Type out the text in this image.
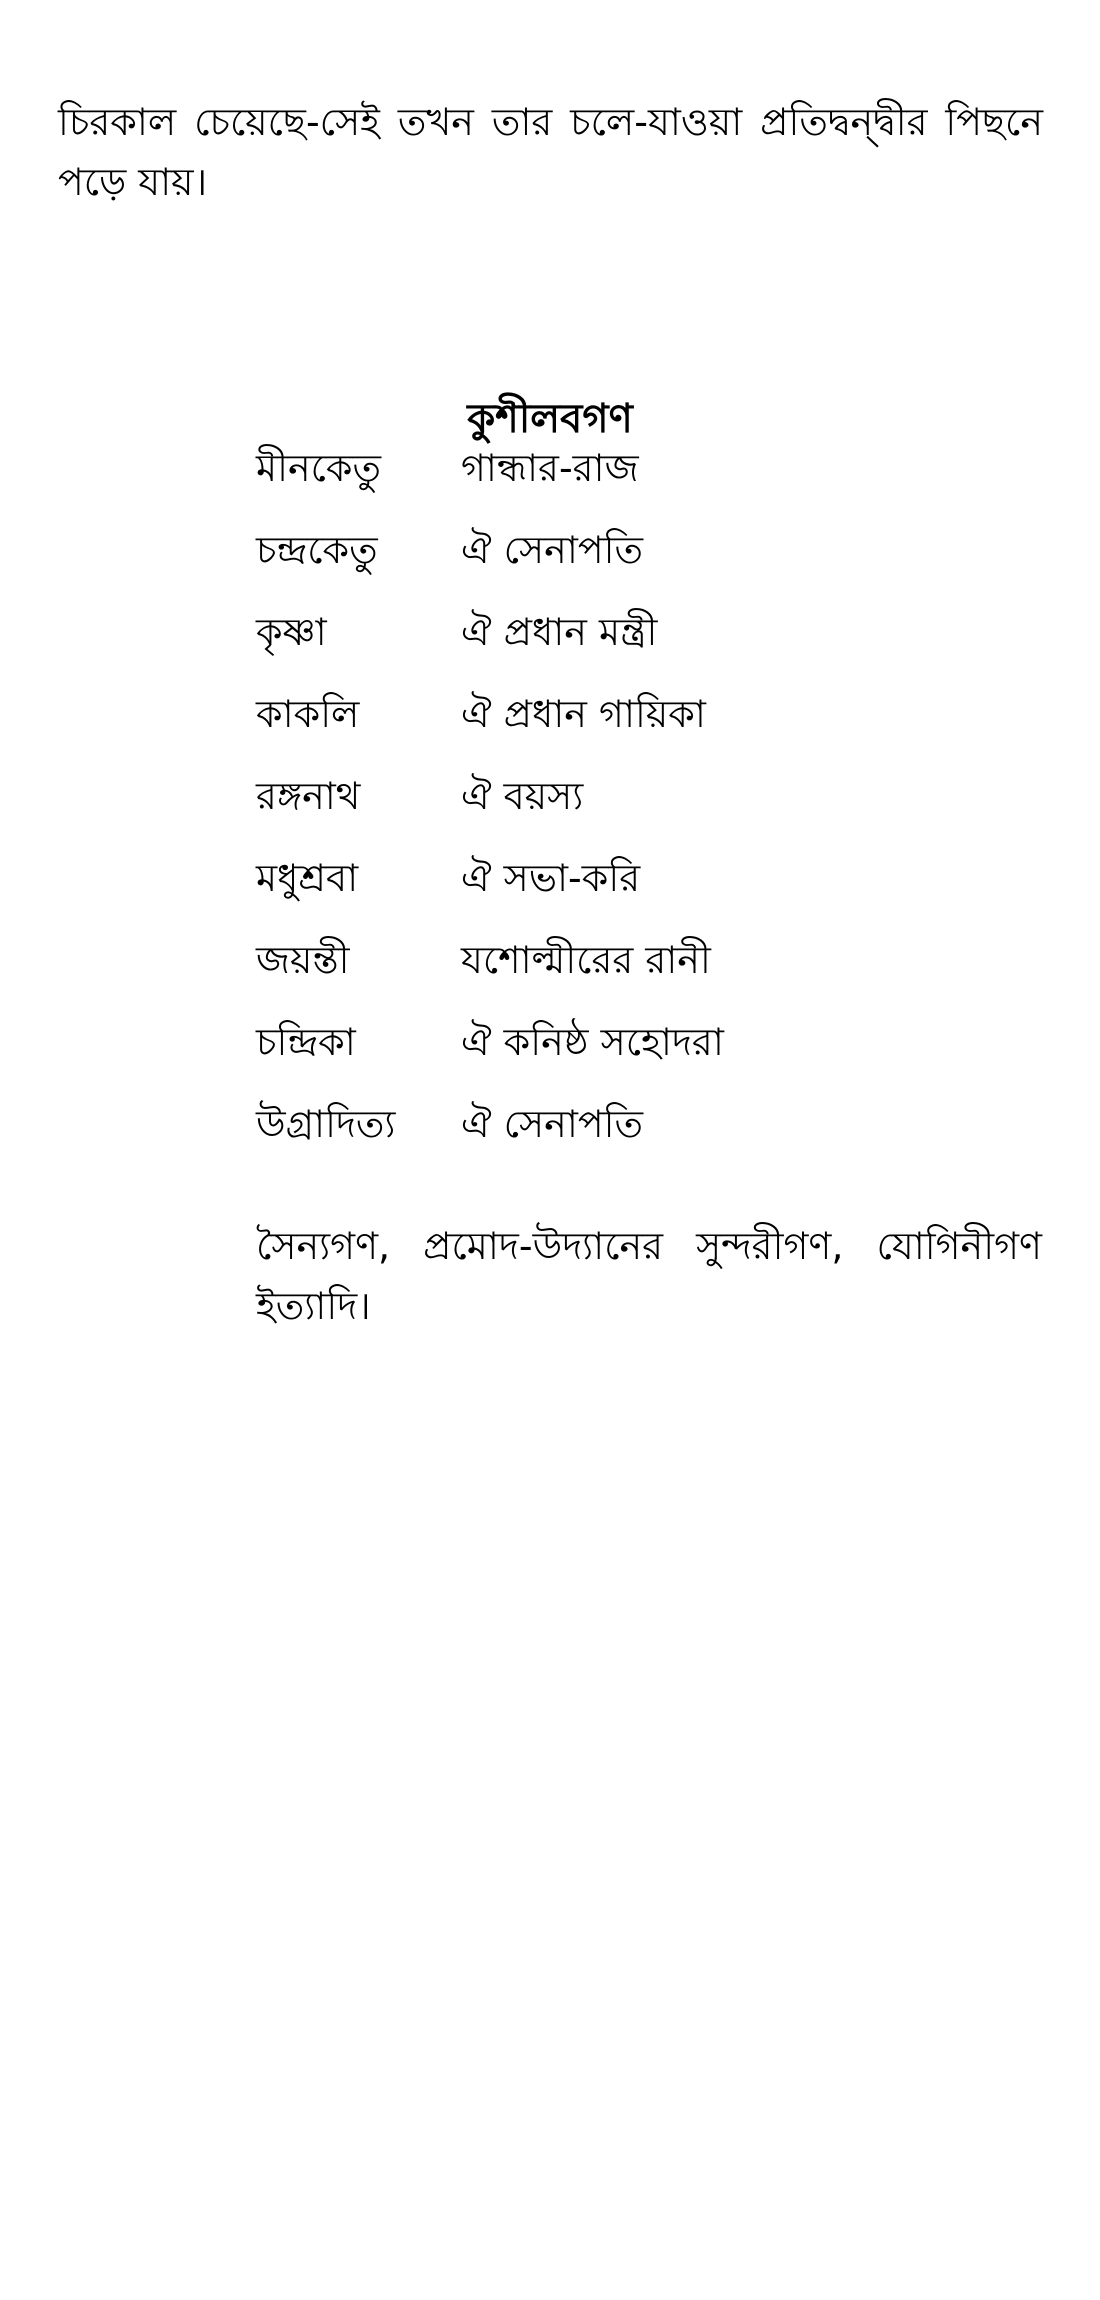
চিরকাল চেয়েছে-সেই তখন তার চলে-যাওয়া প্রতিদ্বন্দ্বীর পিছনে পড়ে যায়।

কুশীলবগণ
মীনকেতু	গান্ধার-রাজ
চন্দ্রকেতু	ঐ সেনাপতি
কৃষ্ণা	ঐ প্রধান মন্ত্রী
কাকলি	ঐ প্রধান গায়িকা
রঙ্গনাথ	ঐ বয়স্য
মধুশ্রবা	ঐ সভা-করি
জয়ন্তী	যশোল্মীরের রানী
চন্দ্রিকা	ঐ কনিষ্ঠ সহোদরা
উগ্রাদিত্য	ঐ সেনাপতি

সৈন্যগণ, প্রমোদ-উদ্যানের সুন্দরীগণ, যোগিনীগণ ইত্যাদি।
